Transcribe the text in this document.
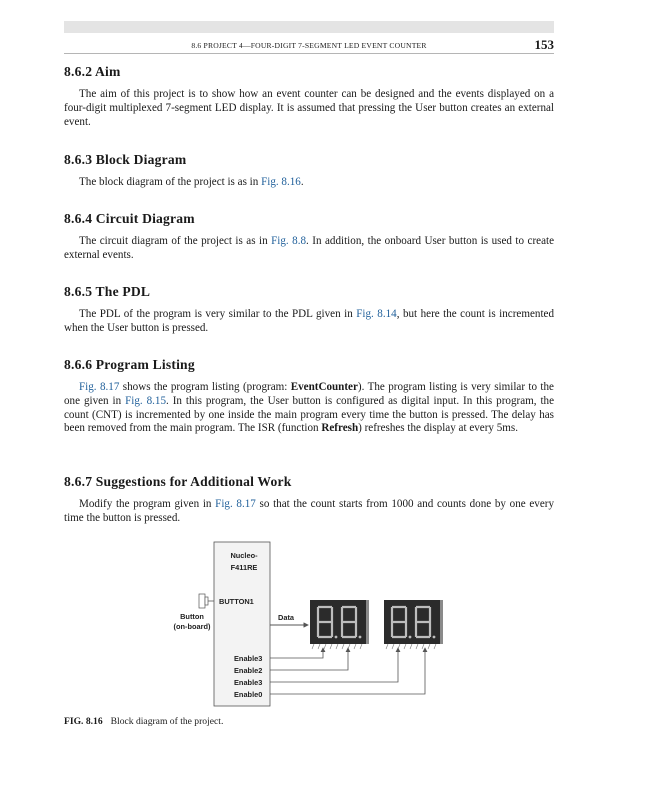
8.6 PROJECT 4—FOUR-DIGIT 7-SEGMENT LED EVENT COUNTER	153
8.6.2 Aim

The aim of this project is to show how an event counter can be designed and the events displayed on a four-digit multiplexed 7-segment LED display. It is assumed that pressing the User button creates an external event.

8.6.3 Block Diagram

The block diagram of the project is as in Fig. 8.16.

8.6.4 Circuit Diagram

The circuit diagram of the project is as in Fig. 8.8. In addition, the onboard User button is used to create external events.

8.6.5 The PDL

The PDL of the program is very similar to the PDL given in Fig. 8.14, but here the count is incremented when the User button is pressed.

8.6.6 Program Listing

Fig. 8.17 shows the program listing (program: EventCounter). The program listing is very similar to the one given in Fig. 8.15. In this program, the User button is configured as digital input. In this program, the count (CNT) is incremented by one inside the main program every time the button is pressed. The delay has been removed from the main program. The ISR (function Refresh) refreshes the display at every 5ms.

8.6.7 Suggestions for Additional Work

Modify the program given in Fig. 8.17 so that the count starts from 1000 and counts done by one every time the button is pressed.

Nucleo-
F411RE
BUTTON1
Button
(on-board)
Data
Enable3
Enable2
Enable3
Enable0
FIG. 8.16 Block diagram of the project.
